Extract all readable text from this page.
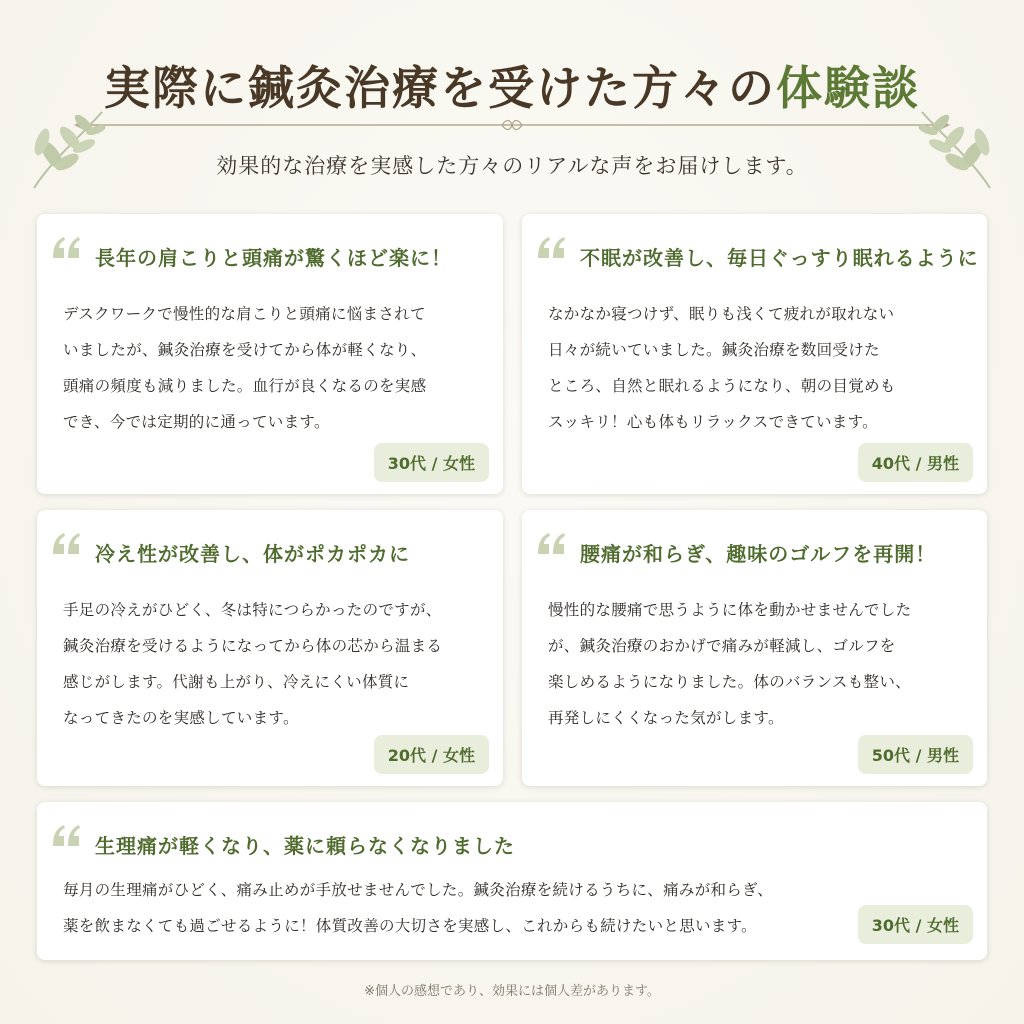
実際に鍼灸治療を受けた方々の体験談
効果的な治療を実感した方々のリアルな声をお届けします。
長年の肩こりと頭痛が驚くほど楽に！
デスクワークで慢性的な肩こりと頭痛に悩まされて
いましたが、鍼灸治療を受けてから体が軽くなり、
頭痛の頻度も減りました。血行が良くなるのを実感
でき、今では定期的に通っています。
30代 / 女性
不眠が改善し、毎日ぐっすり眠れるように
なかなか寝つけず、眠りも浅くて疲れが取れない
日々が続いていました。鍼灸治療を数回受けた
ところ、自然と眠れるようになり、朝の目覚めも
スッキリ！心も体もリラックスできています。
40代 / 男性
冷え性が改善し、体がポカポカに
手足の冷えがひどく、冬は特につらかったのですが、
鍼灸治療を受けるようになってから体の芯から温まる
感じがします。代謝も上がり、冷えにくい体質に
なってきたのを実感しています。
20代 / 女性
腰痛が和らぎ、趣味のゴルフを再開！
慢性的な腰痛で思うように体を動かせませんでした
が、鍼灸治療のおかげで痛みが軽減し、ゴルフを
楽しめるようになりました。体のバランスも整い、
再発しにくくなった気がします。
50代 / 男性
生理痛が軽くなり、薬に頼らなくなりました
毎月の生理痛がひどく、痛み止めが手放せませんでした。鍼灸治療を続けるうちに、痛みが和らぎ、
薬を飲まなくても過ごせるように！体質改善の大切さを実感し、これからも続けたいと思います。	30代 / 女性
※個人の感想であり、効果には個人差があります。
